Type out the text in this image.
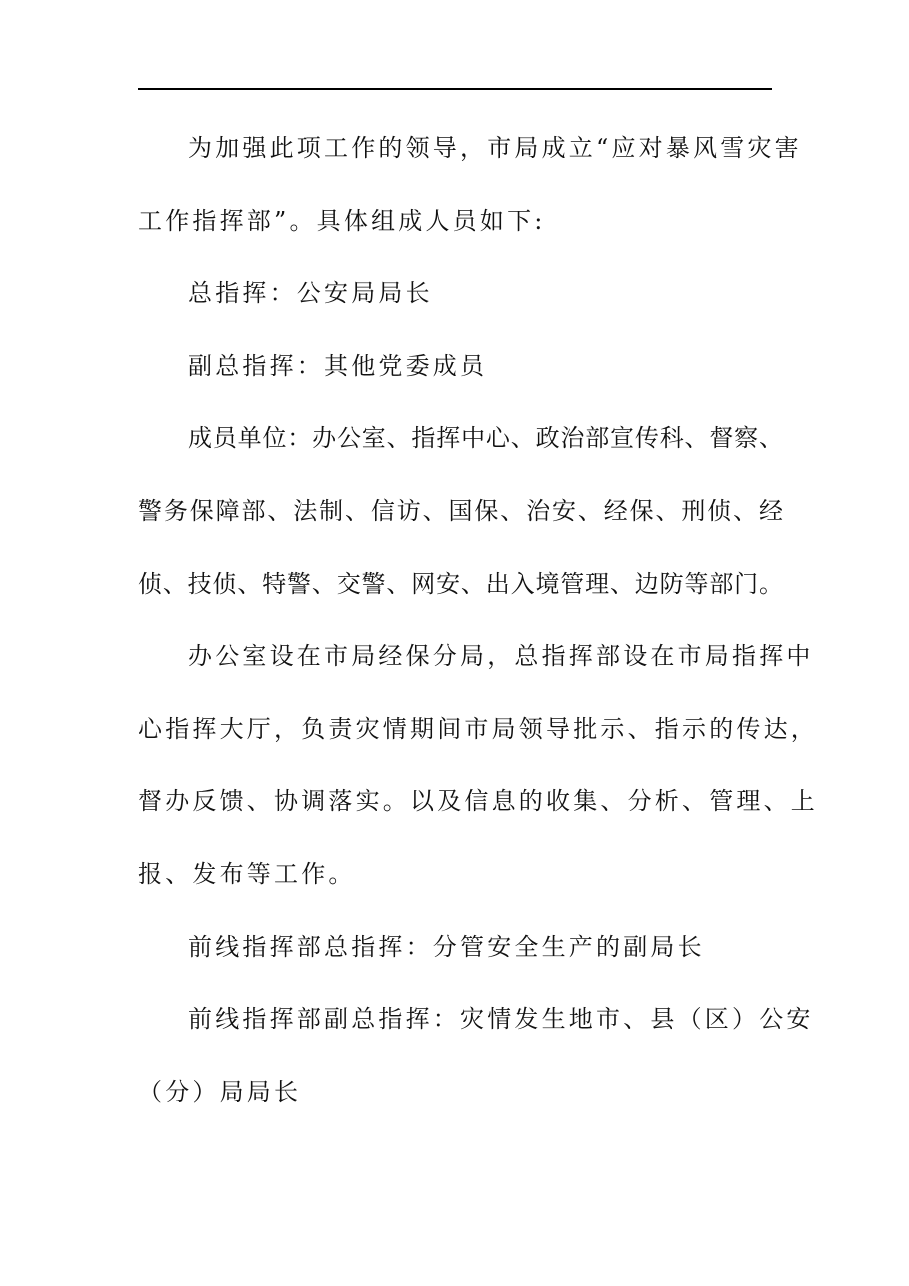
为加强此项工作的领导，市局成立“应对暴风雪灾害
工作指挥部”。具体组成人员如下:
总指挥：公安局局长
副总指挥：其他党委成员
成员单位：办公室、指挥中心、政治部宣传科、督察、
警务保障部、法制、信访、国保、治安、经保、刑侦、经
侦、技侦、特警、交警、网安、出入境管理、边防等部门。
办公室设在市局经保分局，总指挥部设在市局指挥中
心指挥大厅，负责灾情期间市局领导批示、指示的传达，
督办反馈、协调落实。以及信息的收集、分析、管理、上
报、发布等工作。
前线指挥部总指挥：分管安全生产的副局长
前线指挥部副总指挥：灾情发生地市、县（区）公安
（分）局局长
